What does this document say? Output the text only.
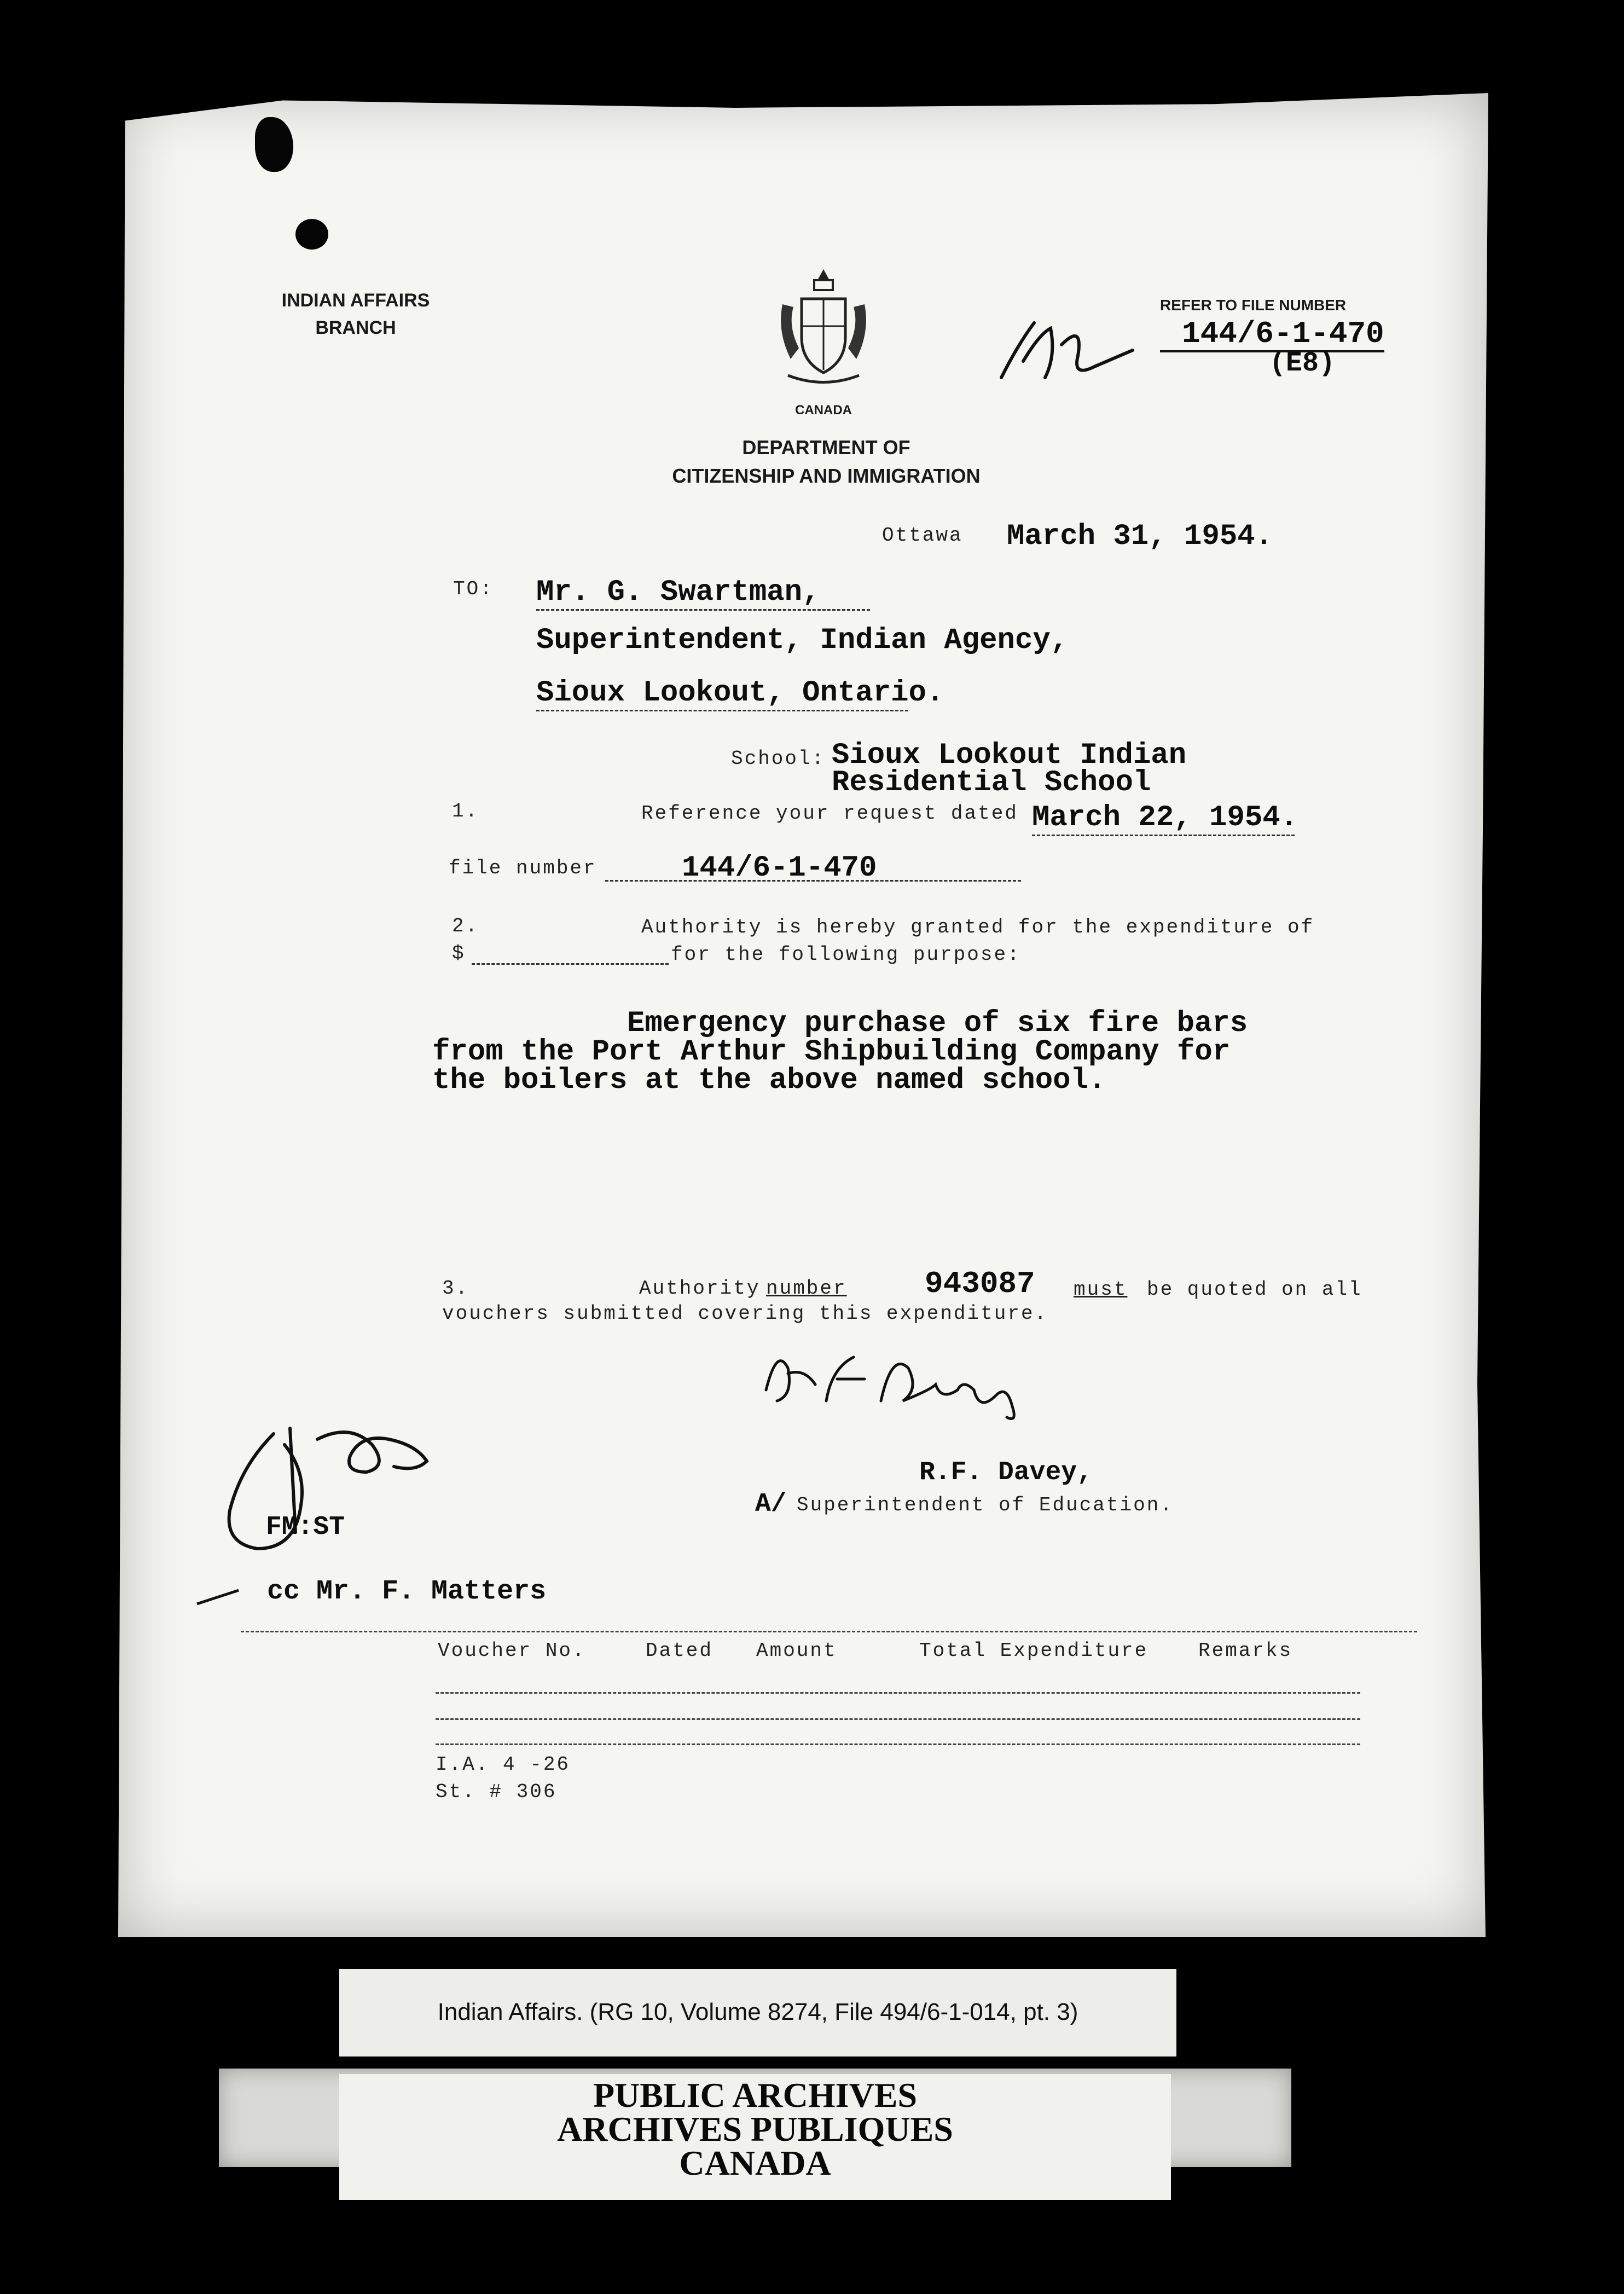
INDIAN AFFAIRS
BRANCH
CANADA
DEPARTMENT OF
CITIZENSHIP AND IMMIGRATION
REFER TO FILE NUMBER
144/6-1-470
(E8)
Ottawa March 31, 1954.
TO: Mr. G. Swartman,
Superintendent, Indian Agency,
Sioux Lookout, Ontario.
School: Sioux Lookout Indian
Residential School
1.	Reference your request dated March 22, 1954.
file number	144/6-1-470
2.	Authority is hereby granted for the expenditure of
$	for the following purpose:
Emergency purchase of six fire bars
from the Port Arthur Shipbuilding Company for
the boilers at the above named school.
3.	Authority number	943087 must be quoted on all
vouchers submitted covering this expenditure.
R.F. Davey,
A/ Superintendent of Education.
FM:ST
cc Mr. F. Matters
Voucher No.	Dated Amount	Total Expenditure	Remarks
I.A. 4 -26
St. # 306
Indian Affairs. (RG 10, Volume 8274, File 494/6-1-014, pt. 3)
PUBLIC ARCHIVES
ARCHIVES PUBLIQUES
CANADA
